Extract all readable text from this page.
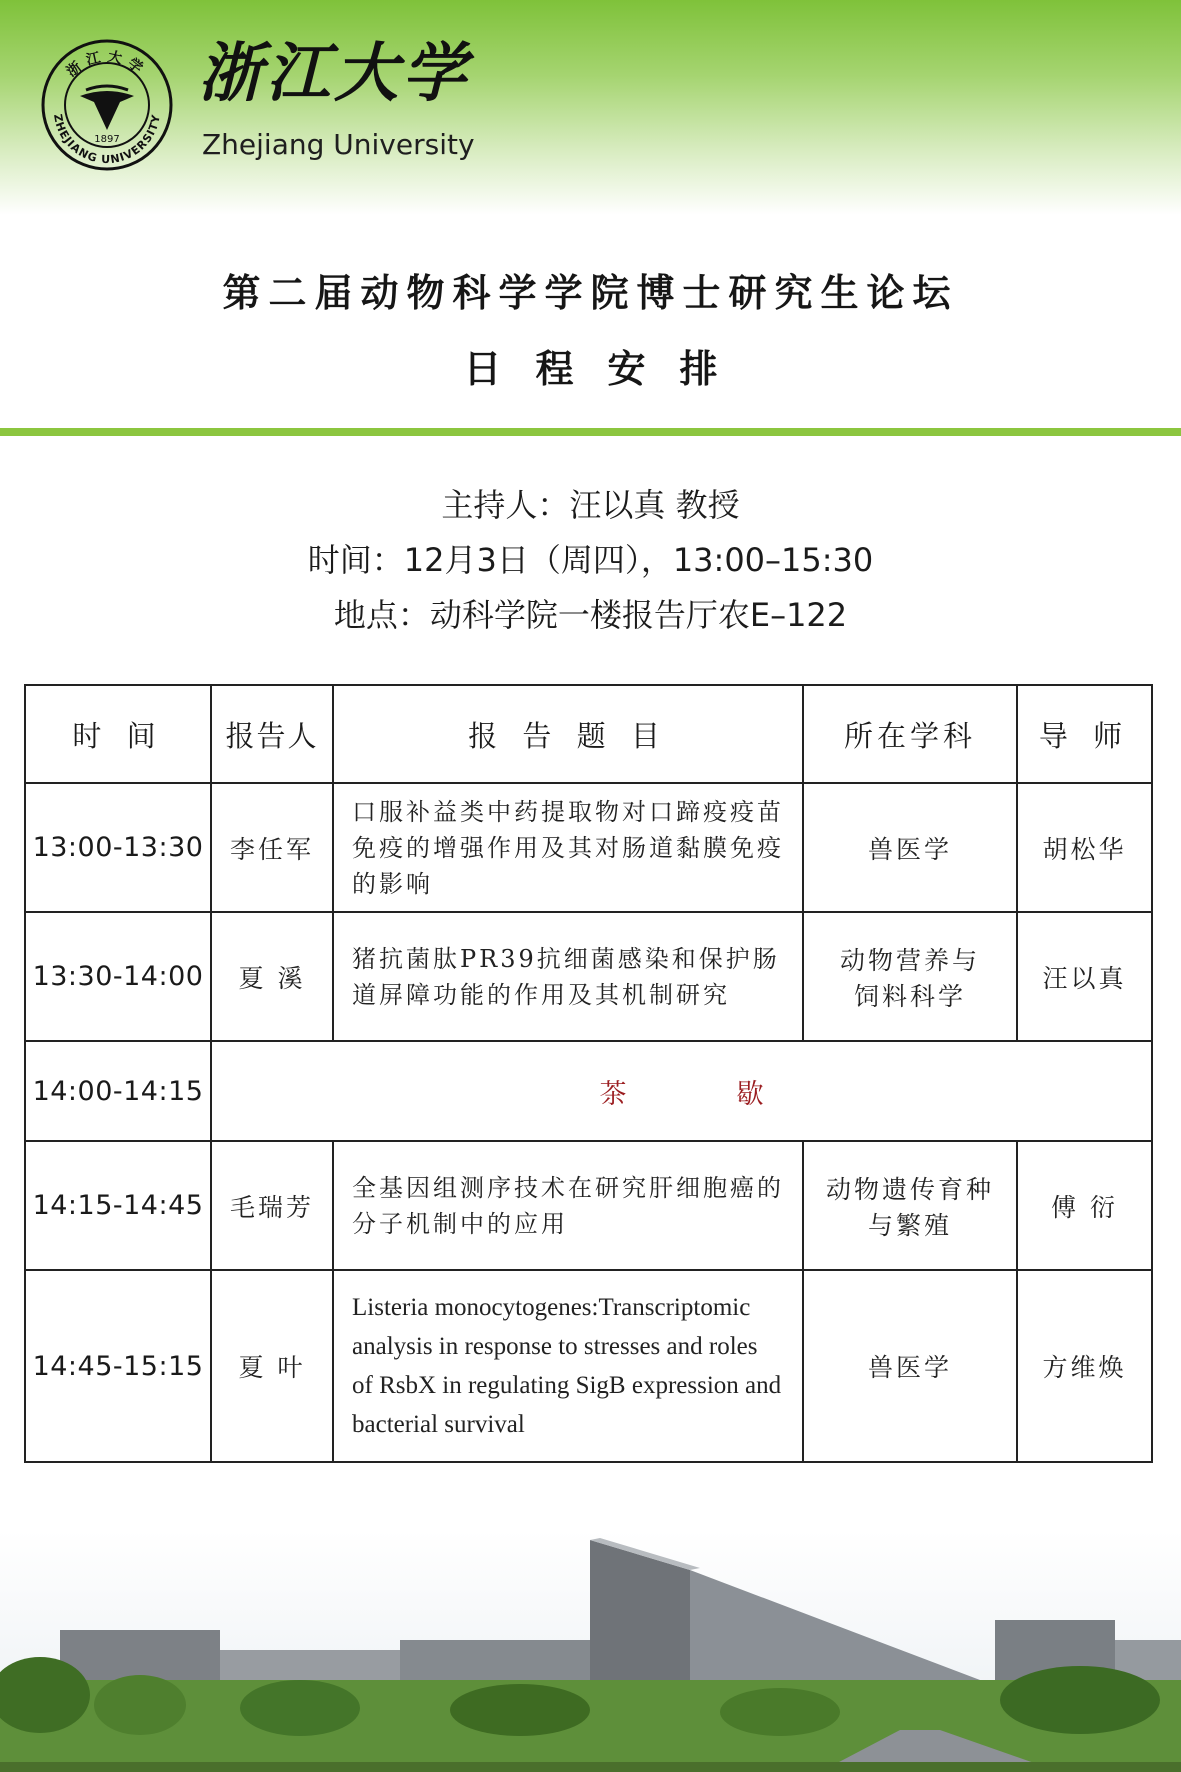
1897
ZHEJIANG UNIVERSITY
浙江大学 浙江大学
Zhejiang University
第二届动物科学学院博士研究生论坛
日程安排
主持人：汪以真 教授
时间：12月3日（周四），13:00–15:30
地点：动科学院一楼报告厅农E–122
时 间	报告人	报 告 题 目	所在学科	导 师
13:00-13:30	李任军	口服补益类中药提取物对口蹄疫疫苗免疫的增强作用及其对肠道黏膜免疫的影响	兽医学	胡松华
13:30-14:00	夏 溪	猪抗菌肽PR39抗细菌感染和保护肠道屏障功能的作用及其机制研究	动物营养与饲料科学	汪以真
14:00-14:15	茶歇			
14:15-14:45	毛瑞芳	全基因组测序技术在研究肝细胞癌的分子机制中的应用	动物遗传育种与繁殖	傅 衍
14:45-15:15	夏 叶	Listeria monocytogenes:Transcriptomic analysis in response to stresses and roles of RsbX in regulating SigB expression and bacterial survival	兽医学	方维焕
